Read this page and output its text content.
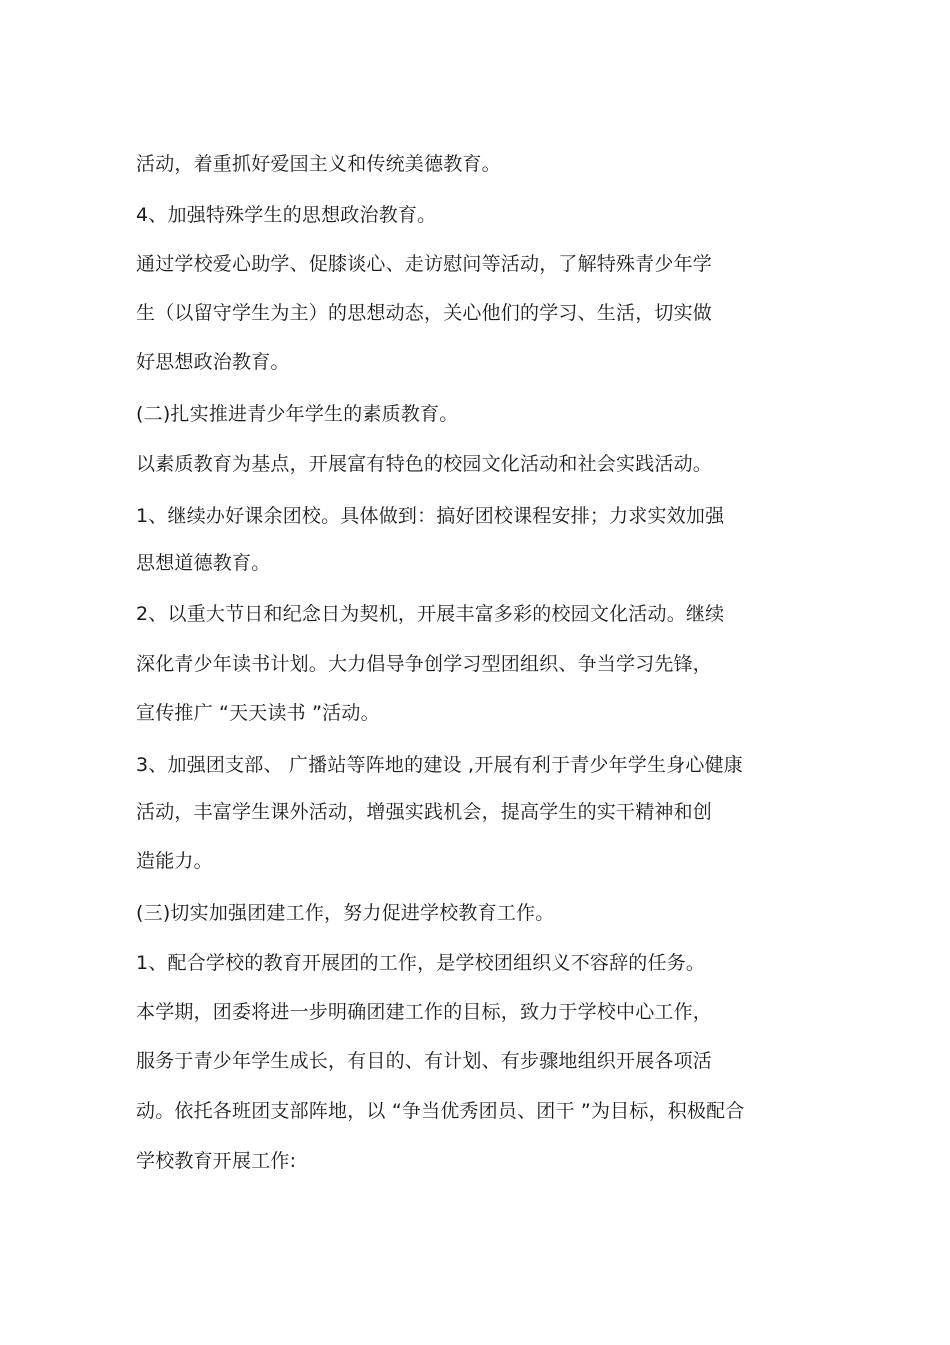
活动，着重抓好爱国主义和传统美德教育。

4、加强特殊学生的思想政治教育。

通过学校爱心助学、促膝谈心、走访慰问等活动，了解特殊青少年学

生（以留守学生为主）的思想动态，关心他们的学习、生活，切实做

好思想政治教育。

(二)扎实推进青少年学生的素质教育。

以素质教育为基点，开展富有特色的校园文化活动和社会实践活动。

1、继续办好课余团校。具体做到：搞好团校课程安排；力求实效加强

思想道德教育。

2、以重大节日和纪念日为契机，开展丰富多彩的校园文化活动。继续

深化青少年读书计划。大力倡导争创学习型团组织、争当学习先锋，

宣传推广 “天天读书 ”活动。

3、加强团支部、 广播站等阵地的建设 ,开展有利于青少年学生身心健康

活动，丰富学生课外活动，增强实践机会，提高学生的实干精神和创

造能力。

(三)切实加强团建工作，努力促进学校教育工作。

1、配合学校的教育开展团的工作，是学校团组织义不容辞的任务。

本学期，团委将进一步明确团建工作的目标，致力于学校中心工作，

服务于青少年学生成长，有目的、有计划、有步骤地组织开展各项活

动。依托各班团支部阵地，以 “争当优秀团员、团干 ”为目标，积极配合

学校教育开展工作:
